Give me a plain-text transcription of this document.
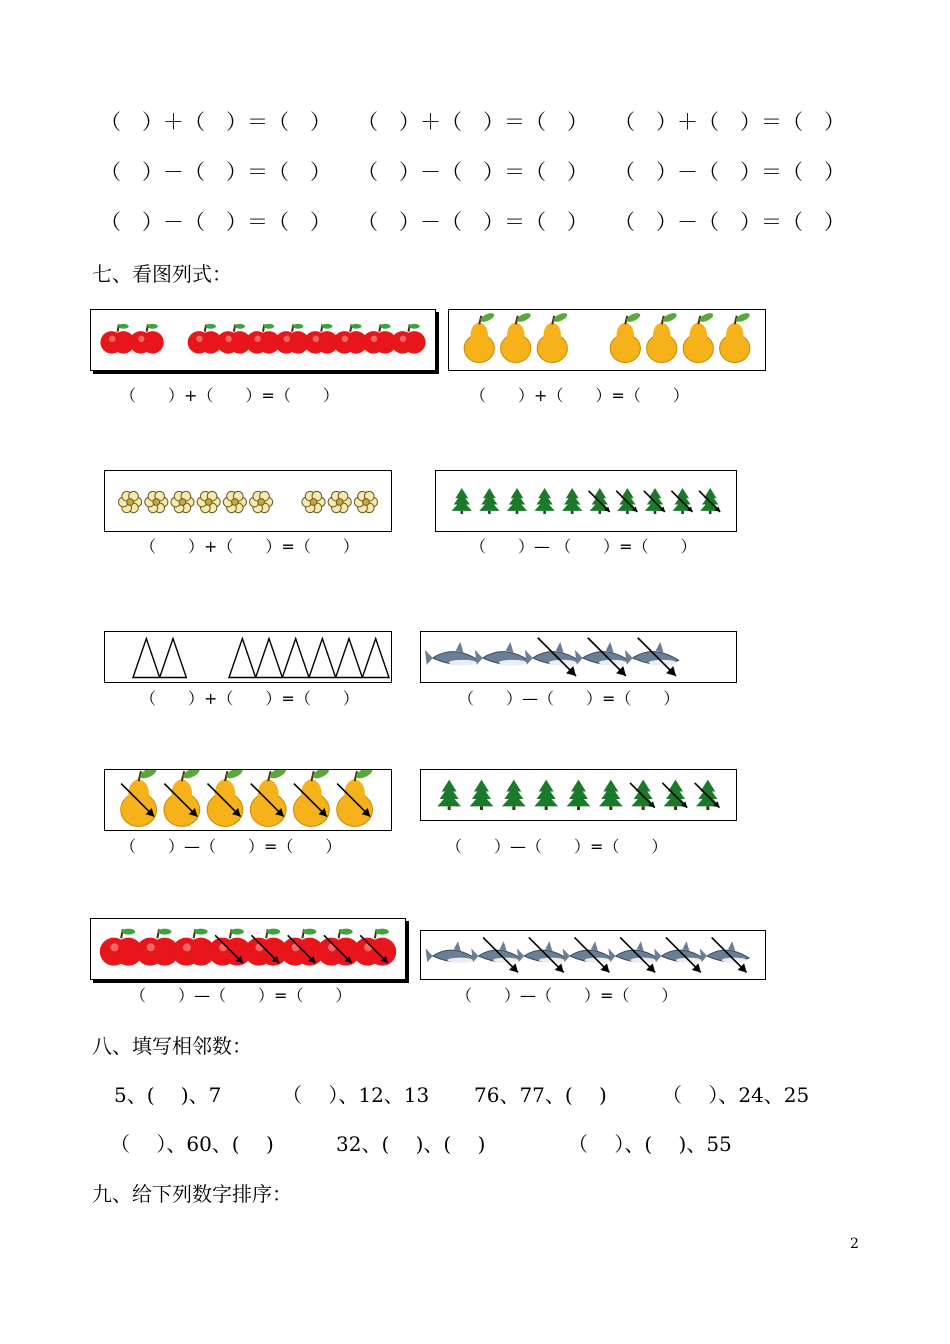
（　）＋（　）＝（　） （　）＋（　）＝（　） （　）＋（　）＝（　）
（　）－（　）＝（　） （　）－（　）＝（　） （　）－（　）＝（　）
（　）－（　）＝（　） （　）－（　）＝（　） （　）－（　）＝（　）
七、看图列式：
（　　）+（　　）=（　　）	（　　）+（　　）=（　　）
（　　）+（　　）=（　　）	（　　）— （　　）=（　　）
（　　）+（　　）=（　　）	（　　）—（　　）=（　　）
（　　）—（　　）=（　　）	（　　）—（　　）=（　　）
（　　）—（　　）=（　　）	（　　）—（　　）=（　　）
八、填写相邻数：
5、(　 )、7	（　 ）、12、13 76、77、(　 )	（　 ）、24、25
（　 ）、60、(　 )	32、(　 )、(　 )	（　 ）、(　 )、55
九、给下列数字排序：
2
